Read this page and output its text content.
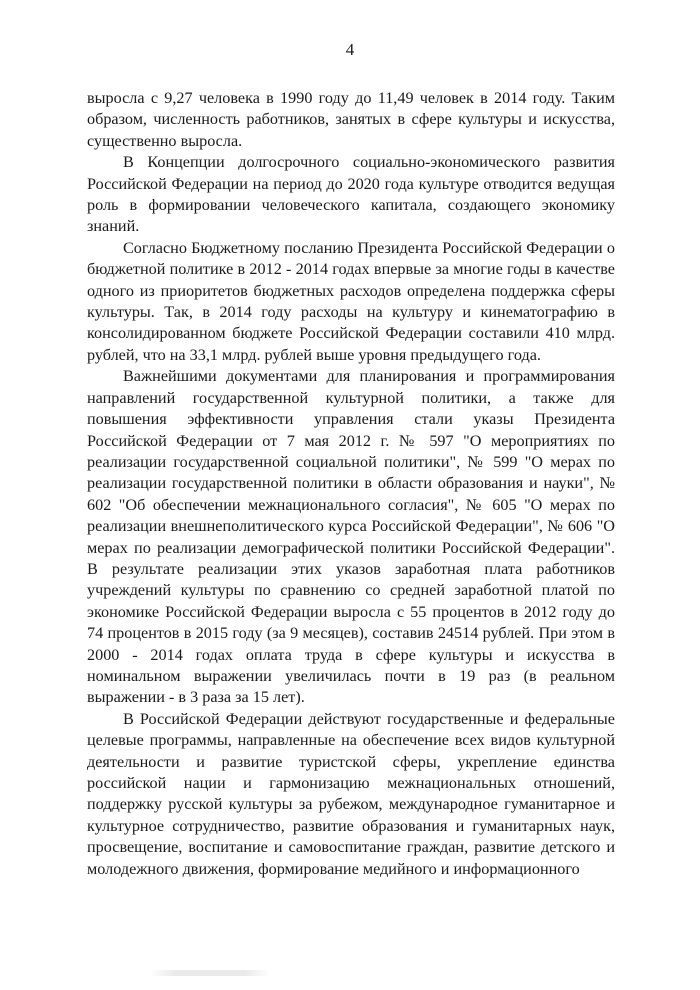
4

выросла с 9,27 человека в 1990 году до 11,49 человек в 2014 году. Таким образом, численность работников, занятых в сфере культуры и искусства, существенно выросла.

В Концепции долгосрочного социально-экономического развития Российской Федерации на период до 2020 года культуре отводится ведущая роль в формировании человеческого капитала, создающего экономику знаний.

Согласно Бюджетному посланию Президента Российской Федерации о бюджетной политике в 2012 - 2014 годах впервые за многие годы в качестве одного из приоритетов бюджетных расходов определена поддержка сферы культуры. Так, в 2014 году расходы на культуру и кинематографию в консолидированном бюджете Российской Федерации составили 410 млрд. рублей, что на 33,1 млрд. рублей выше уровня предыдущего года.

Важнейшими документами для планирования и программирования направлений государственной культурной политики, а также для повышения эффективности управления стали указы Президента Российской Федерации от 7 мая 2012 г. № 597 "О мероприятиях по реализации государственной социальной политики", № 599 "О мерах по реализации государственной политики в области образования и науки", № 602 "Об обеспечении межнационального согласия", № 605 "О мерах по реализации внешнеполитического курса Российской Федерации", № 606 "О мерах по реализации демографической политики Российской Федерации". В результате реализации этих указов заработная плата работников учреждений культуры по сравнению со средней заработной платой по экономике Российской Федерации выросла с 55 процентов в 2012 году до 74 процентов в 2015 году (за 9 месяцев), составив 24514 рублей. При этом в 2000 - 2014 годах оплата труда в сфере культуры и искусства в номинальном выражении увеличилась почти в 19 раз (в реальном выражении - в 3 раза за 15 лет).

В Российской Федерации действуют государственные и федеральные целевые программы, направленные на обеспечение всех видов культурной деятельности и развитие туристской сферы, укрепление единства российской нации и гармонизацию межнациональных отношений, поддержку русской культуры за рубежом, международное гуманитарное и культурное сотрудничество, развитие образования и гуманитарных наук, просвещение, воспитание и самовоспитание граждан, развитие детского и молодежного движения, формирование медийного и информационного
